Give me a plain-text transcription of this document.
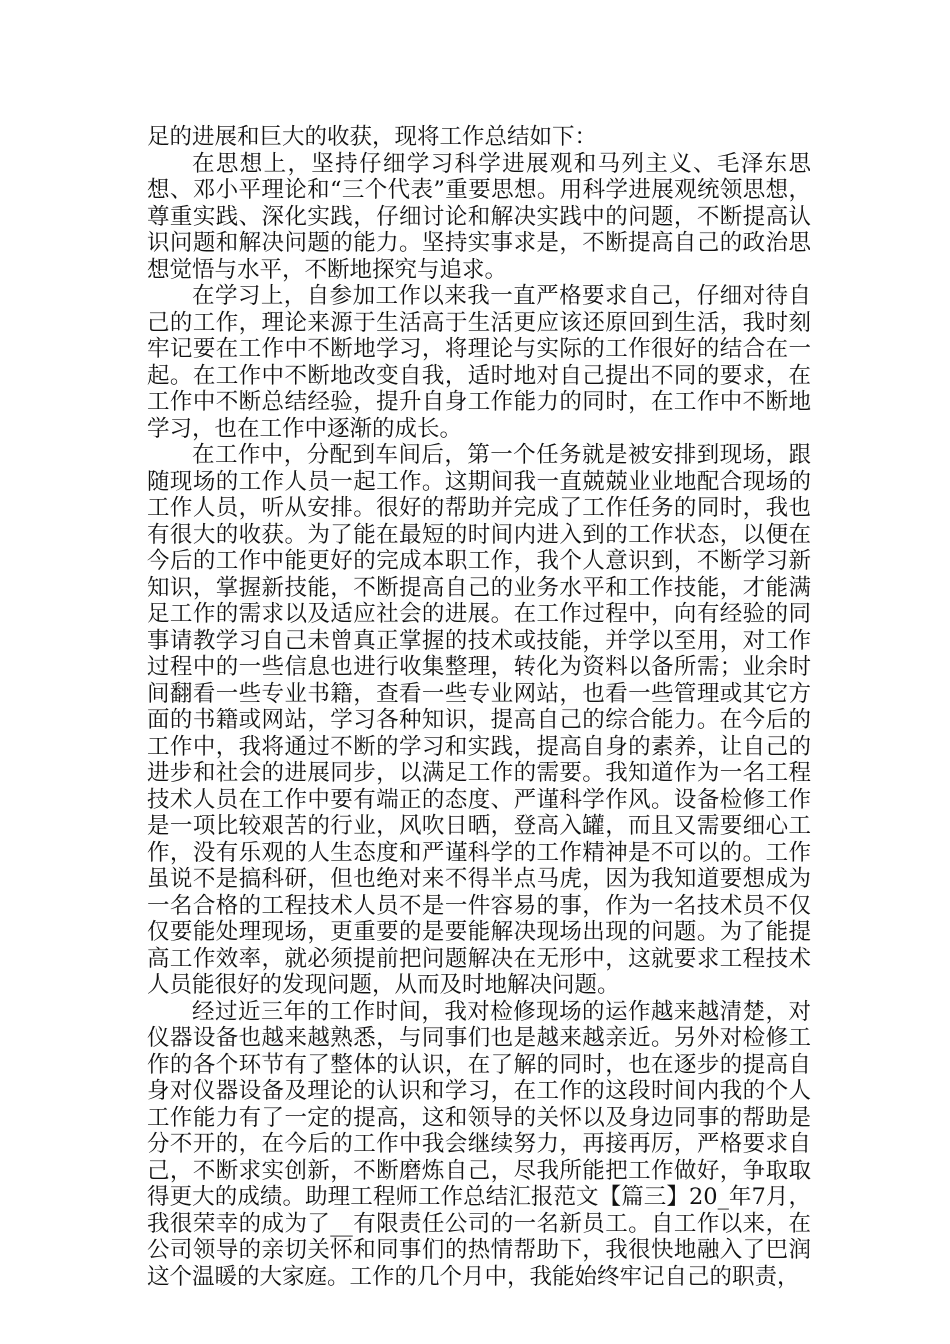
足的进展和巨大的收获，现将工作总结如下：

在思想上，坚持仔细学习科学进展观和马列主义、毛泽东思想、邓小平理论和“三个代表”重要思想。用科学进展观统领思想，尊重实践、深化实践，仔细讨论和解决实践中的问题，不断提高认识问题和解决问题的能力。坚持实事求是，不断提高自己的政治思想觉悟与水平，不断地探究与追求。

在学习上，自参加工作以来我一直严格要求自己，仔细对待自己的工作，理论来源于生活高于生活更应该还原回到生活，我时刻牢记要在工作中不断地学习，将理论与实际的工作很好的结合在一起。在工作中不断地改变自我，适时地对自己提出不同的要求，在工作中不断总结经验，提升自身工作能力的同时，在工作中不断地学习，也在工作中逐渐的成长。

在工作中，分配到车间后，第一个任务就是被安排到现场，跟随现场的工作人员一起工作。这期间我一直兢兢业业地配合现场的工作人员，听从安排。很好的帮助并完成了工作任务的同时，我也有很大的收获。为了能在最短的时间内进入到的工作状态，以便在今后的工作中能更好的完成本职工作，我个人意识到，不断学习新知识，掌握新技能，不断提高自己的业务水平和工作技能，才能满足工作的需求以及适应社会的进展。在工作过程中，向有经验的同事请教学习自己未曾真正掌握的技术或技能，并学以至用，对工作过程中的一些信息也进行收集整理，转化为资料以备所需；业余时间翻看一些专业书籍，查看一些专业网站，也看一些管理或其它方面的书籍或网站，学习各种知识，提高自己的综合能力。在今后的工作中，我将通过不断的学习和实践，提高自身的素养，让自己的进步和社会的进展同步，以满足工作的需要。我知道作为一名工程技术人员在工作中要有端正的态度、严谨科学作风。设备检修工作是一项比较艰苦的行业，风吹日晒，登高入罐，而且又需要细心工作，没有乐观的人生态度和严谨科学的工作精神是不可以的。工作虽说不是搞科研，但也绝对来不得半点马虎，因为我知道要想成为一名合格的工程技术人员不是一件容易的事，作为一名技术员不仅仅要能处理现场，更重要的是要能解决现场出现的问题。为了能提高工作效率，就必须提前把问题解决在无形中，这就要求工程技术人员能很好的发现问题，从而及时地解决问题。

经过近三年的工作时间，我对检修现场的运作越来越清楚，对仪器设备也越来越熟悉，与同事们也是越来越亲近。另外对检修工作的各个环节有了整体的认识，在了解的同时，也在逐步的提高自身对仪器设备及理论的认识和学习，在工作的这段时间内我的个人工作能力有了一定的提高，这和领导的关怀以及身边同事的帮助是分不开的，在今后的工作中我会继续努力，再接再厉，严格要求自己，不断求实创新，不断磨炼自己，尽我所能把工作做好，争取取得更大的成绩。助理工程师工作总结汇报范文【篇三】20_年7月，我很荣幸的成为了__有限责任公司的一名新员工。自工作以来，在公司领导的亲切关怀和同事们的热情帮助下，我很快地融入了巴润这个温暖的大家庭。工作的几个月中，我能始终牢记自己的职责，
